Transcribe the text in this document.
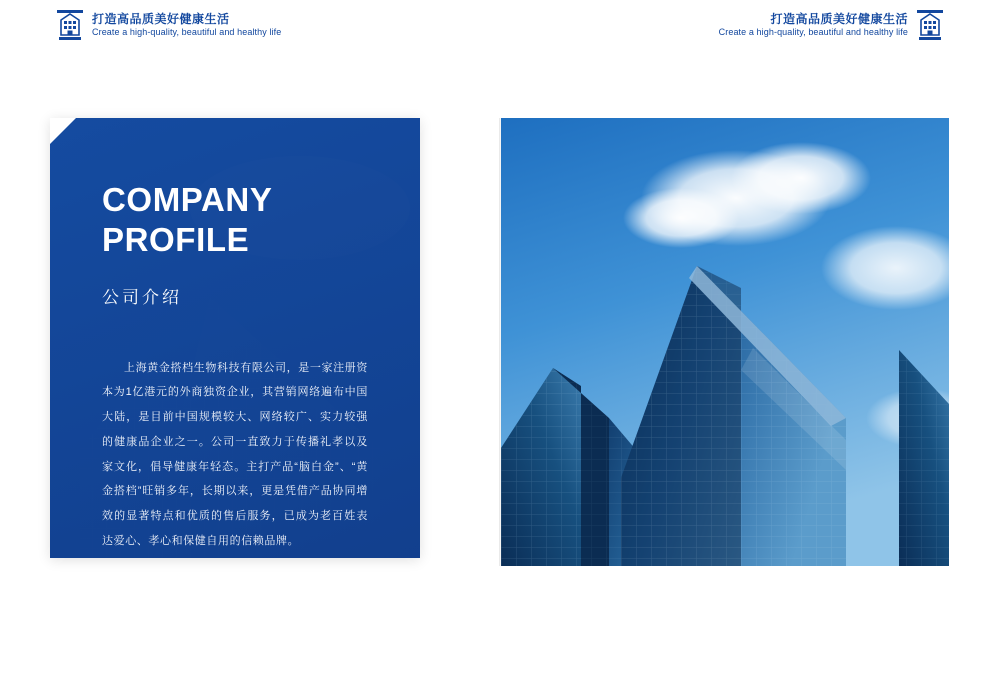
打造高品质美好健康生活
Create a high-quality, beautiful and healthy life
打造高品质美好健康生活
Create a high-quality, beautiful and healthy life
COMPANY
PROFILE
公司介绍

上海黄金搭档生物科技有限公司，是一家注册资本为1亿港元的外商独资企业，其营销网络遍布中国大陆，是目前中国规模较大、网络较广、实力较强的健康品企业之一。公司一直致力于传播礼孝以及家文化，倡导健康年轻态。主打产品“脑白金”、“黄金搭档”旺销多年，长期以来，更是凭借产品协同增效的显著特点和优质的售后服务，已成为老百姓表达爱心、孝心和保健自用的信赖品牌。
